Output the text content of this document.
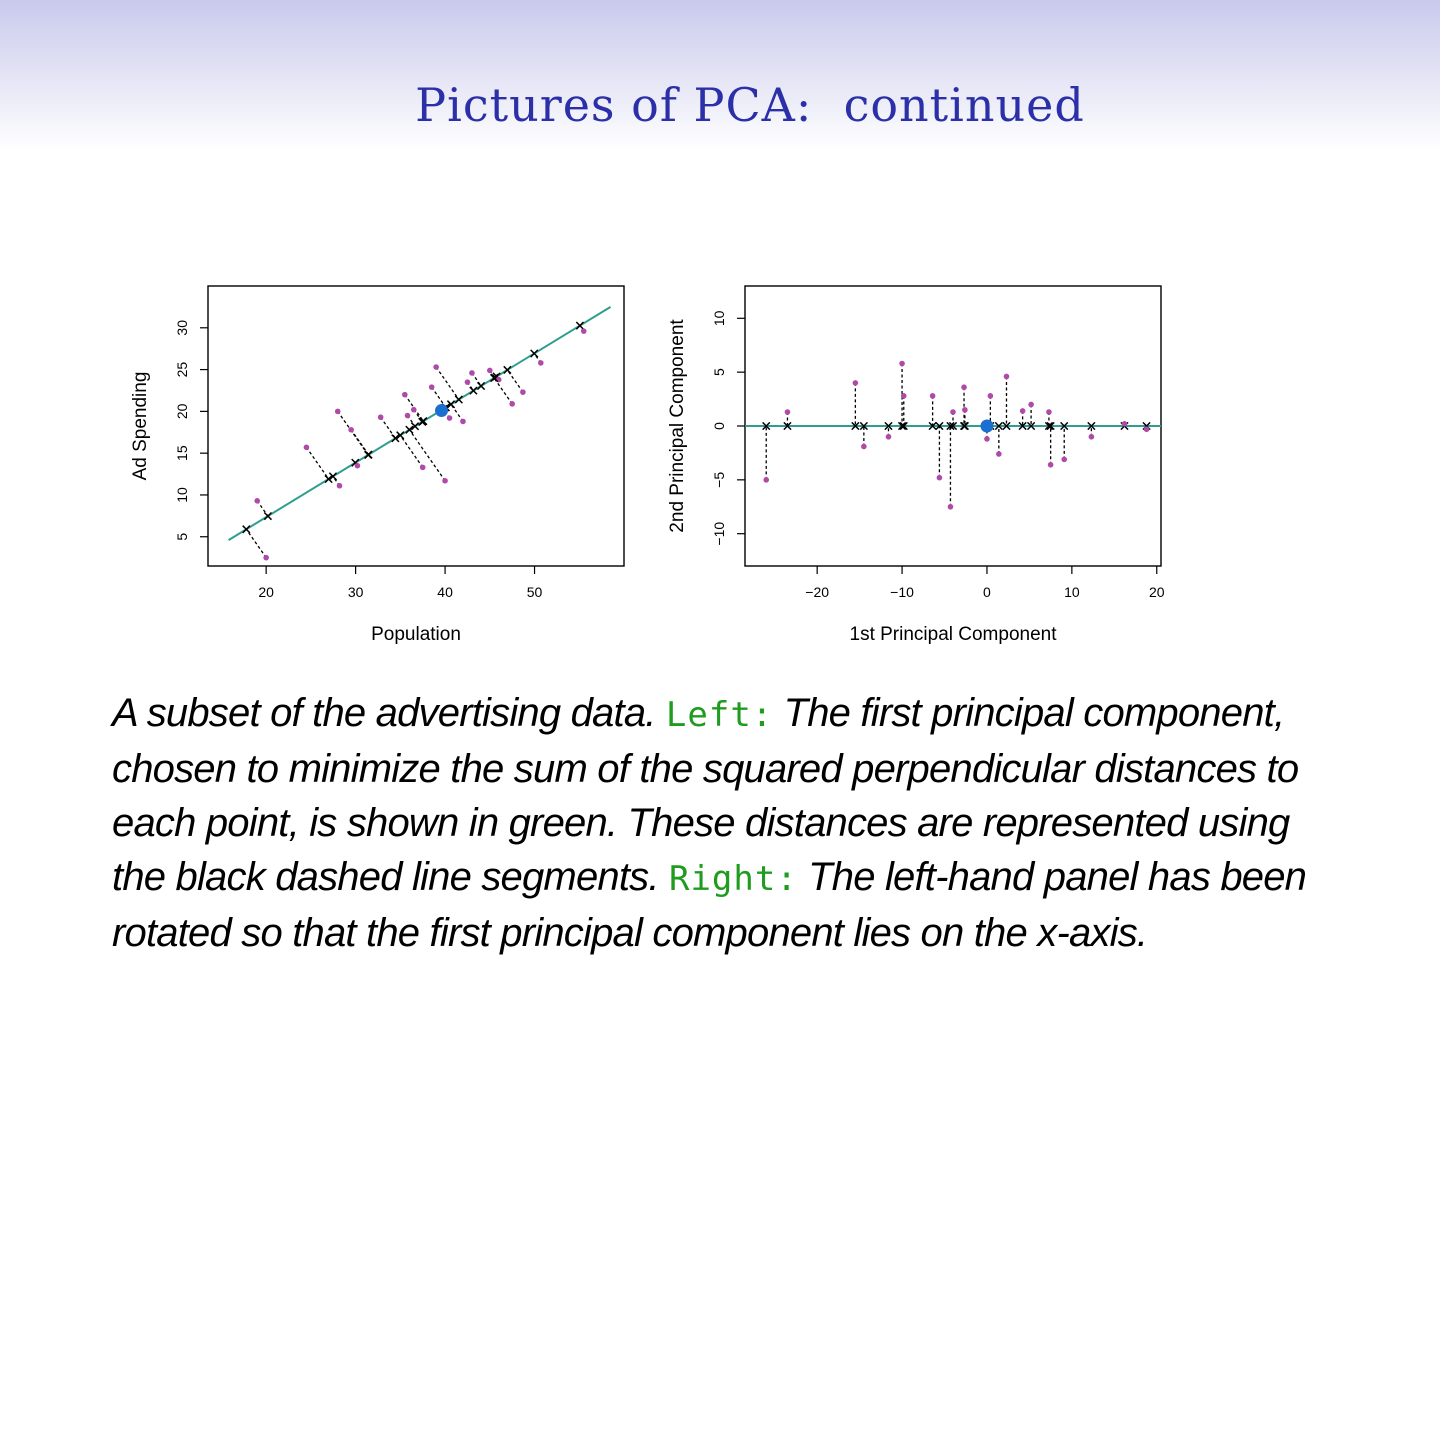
Pictures of PCA:  continued
20	30	40	50
5
10
15
20
25
30
Population
Ad Spending
−20	−10	0	10	20
−10
−5
0
5
10
1st Principal Component
2nd Principal Component
A subset of the advertising data. Left: The first principal component, chosen to minimize the sum of the squared perpendicular distances to each point, is shown in green. These distances are represented using the black dashed line segments. Right: The left-hand panel has been rotated so that the first principal component lies on the x-axis.
